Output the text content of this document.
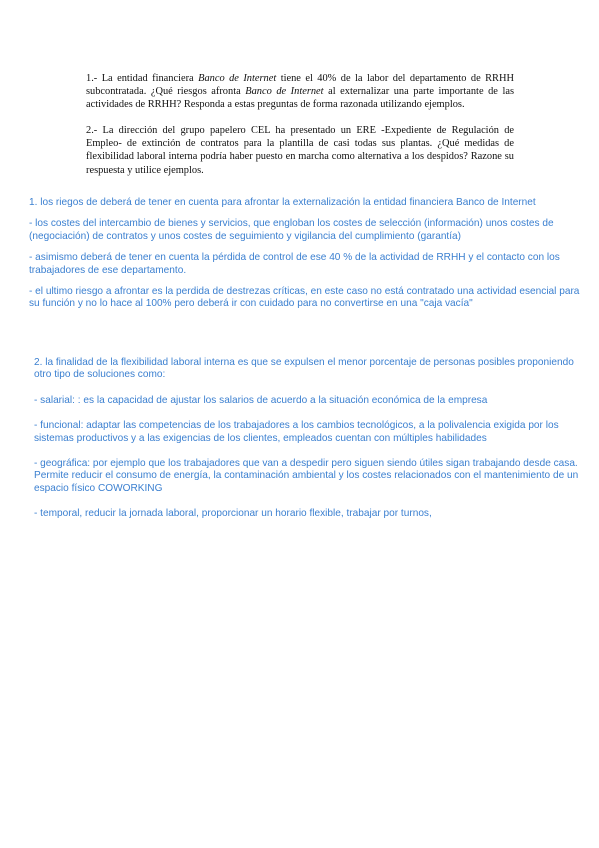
1.- La entidad financiera Banco de Internet tiene el 40% de la labor del departamento de RRHH subcontratada. ¿Qué riesgos afronta Banco de Internet al externalizar una parte importante de las actividades de RRHH? Responda a estas preguntas de forma razonada utilizando ejemplos.
2.- La dirección del grupo papelero CEL ha presentado un ERE -Expediente de Regulación de Empleo- de extinción de contratos para la plantilla de casi todas sus plantas. ¿Qué medidas de flexibilidad laboral interna podría haber puesto en marcha como alternativa a los despidos? Razone su respuesta y utilice ejemplos.

1. los riegos de deberá de tener en cuenta para afrontar la externalización la entidad financiera Banco de Internet

- los costes del intercambio de bienes y servicios, que engloban los costes de selección (información) unos costes de (negociación) de contratos y unos costes de seguimiento y vigilancia del cumplimiento (garantía)

- asimismo deberá de tener en cuenta la pérdida de control de ese 40 % de la actividad de RRHH y el contacto con los trabajadores de ese departamento.

- el ultimo riesgo a afrontar es la perdida de destrezas críticas, en este caso no está contratado una actividad esencial para su función y no lo hace al 100% pero deberá ir con cuidado para no convertirse en una "caja vacía"

2. la finalidad de la flexibilidad laboral interna es que se expulsen el menor porcentaje de personas posibles proponiendo otro tipo de soluciones como:

- salarial: : es la capacidad de ajustar los salarios de acuerdo a la situación económica de la empresa

- funcional: adaptar las competencias de los trabajadores a los cambios tecnológicos, a la polivalencia exigida por los sistemas productivos y a las exigencias de los clientes, empleados cuentan con múltiples habilidades

- geográfica: por ejemplo que los trabajadores que van a despedir pero siguen siendo útiles sigan trabajando desde casa. Permite reducir el consumo de energía, la contaminación ambiental y los costes relacionados con el mantenimiento de un espacio físico COWORKING

- temporal, reducir la jornada laboral, proporcionar un horario flexible, trabajar por turnos,
